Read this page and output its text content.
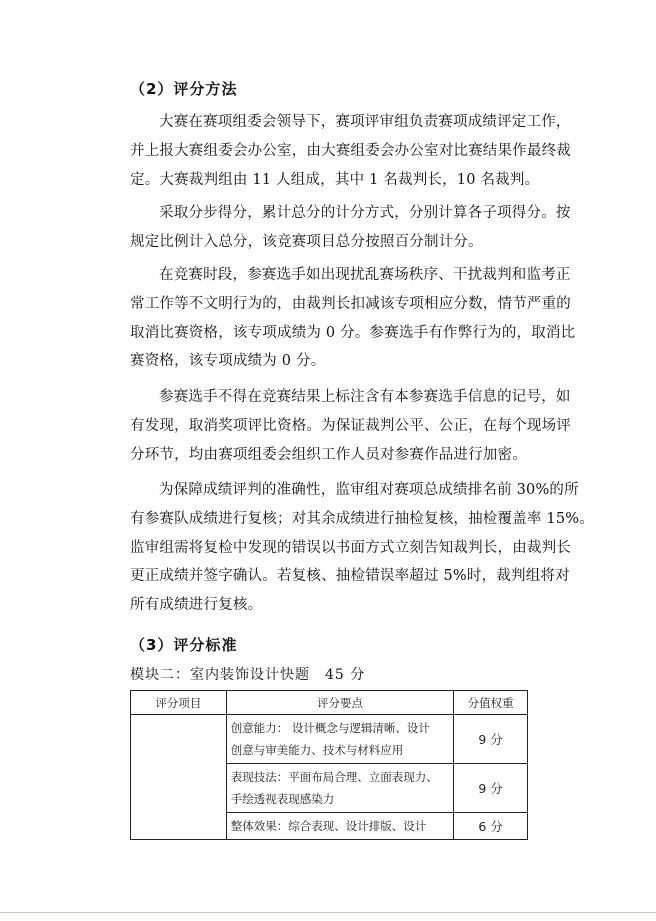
（2）评分方法
大赛在赛项组委会领导下，赛项评审组负责赛项成绩评定工作，
并上报大赛组委会办公室，由大赛组委会办公室对比赛结果作最终裁
定。大赛裁判组由 11 人组成，其中 1 名裁判长，10 名裁判。
采取分步得分，累计总分的计分方式，分别计算各子项得分。按
规定比例计入总分，该竞赛项目总分按照百分制计分。
在竞赛时段，参赛选手如出现扰乱赛场秩序、干扰裁判和监考正
常工作等不文明行为的，由裁判长扣减该专项相应分数，情节严重的
取消比赛资格，该专项成绩为 0 分。参赛选手有作弊行为的，取消比
赛资格，该专项成绩为 0 分。
参赛选手不得在竞赛结果上标注含有本参赛选手信息的记号，如
有发现，取消奖项评比资格。为保证裁判公平、公正，在每个现场评
分环节，均由赛项组委会组织工作人员对参赛作品进行加密。
为保障成绩评判的准确性，监审组对赛项总成绩排名前 30%的所
有参赛队成绩进行复核；对其余成绩进行抽检复核，抽检覆盖率 15%。
监审组需将复检中发现的错误以书面方式立刻告知裁判长，由裁判长
更正成绩并签字确认。若复核、抽检错误率超过 5%时，裁判组将对
所有成绩进行复核。
（3）评分标准
模块二：室内装饰设计快题　45 分
评分项目	评分要点	分值权重

	创意能力： 设计概念与逻辑清晰、设计
创意与审美能力、技术与材料应用	9 分

	表现技法：平面布局合理、立面表现力、
手绘透视表现感染力	9 分

	整体效果：综合表现、设计排版、设计	6 分
